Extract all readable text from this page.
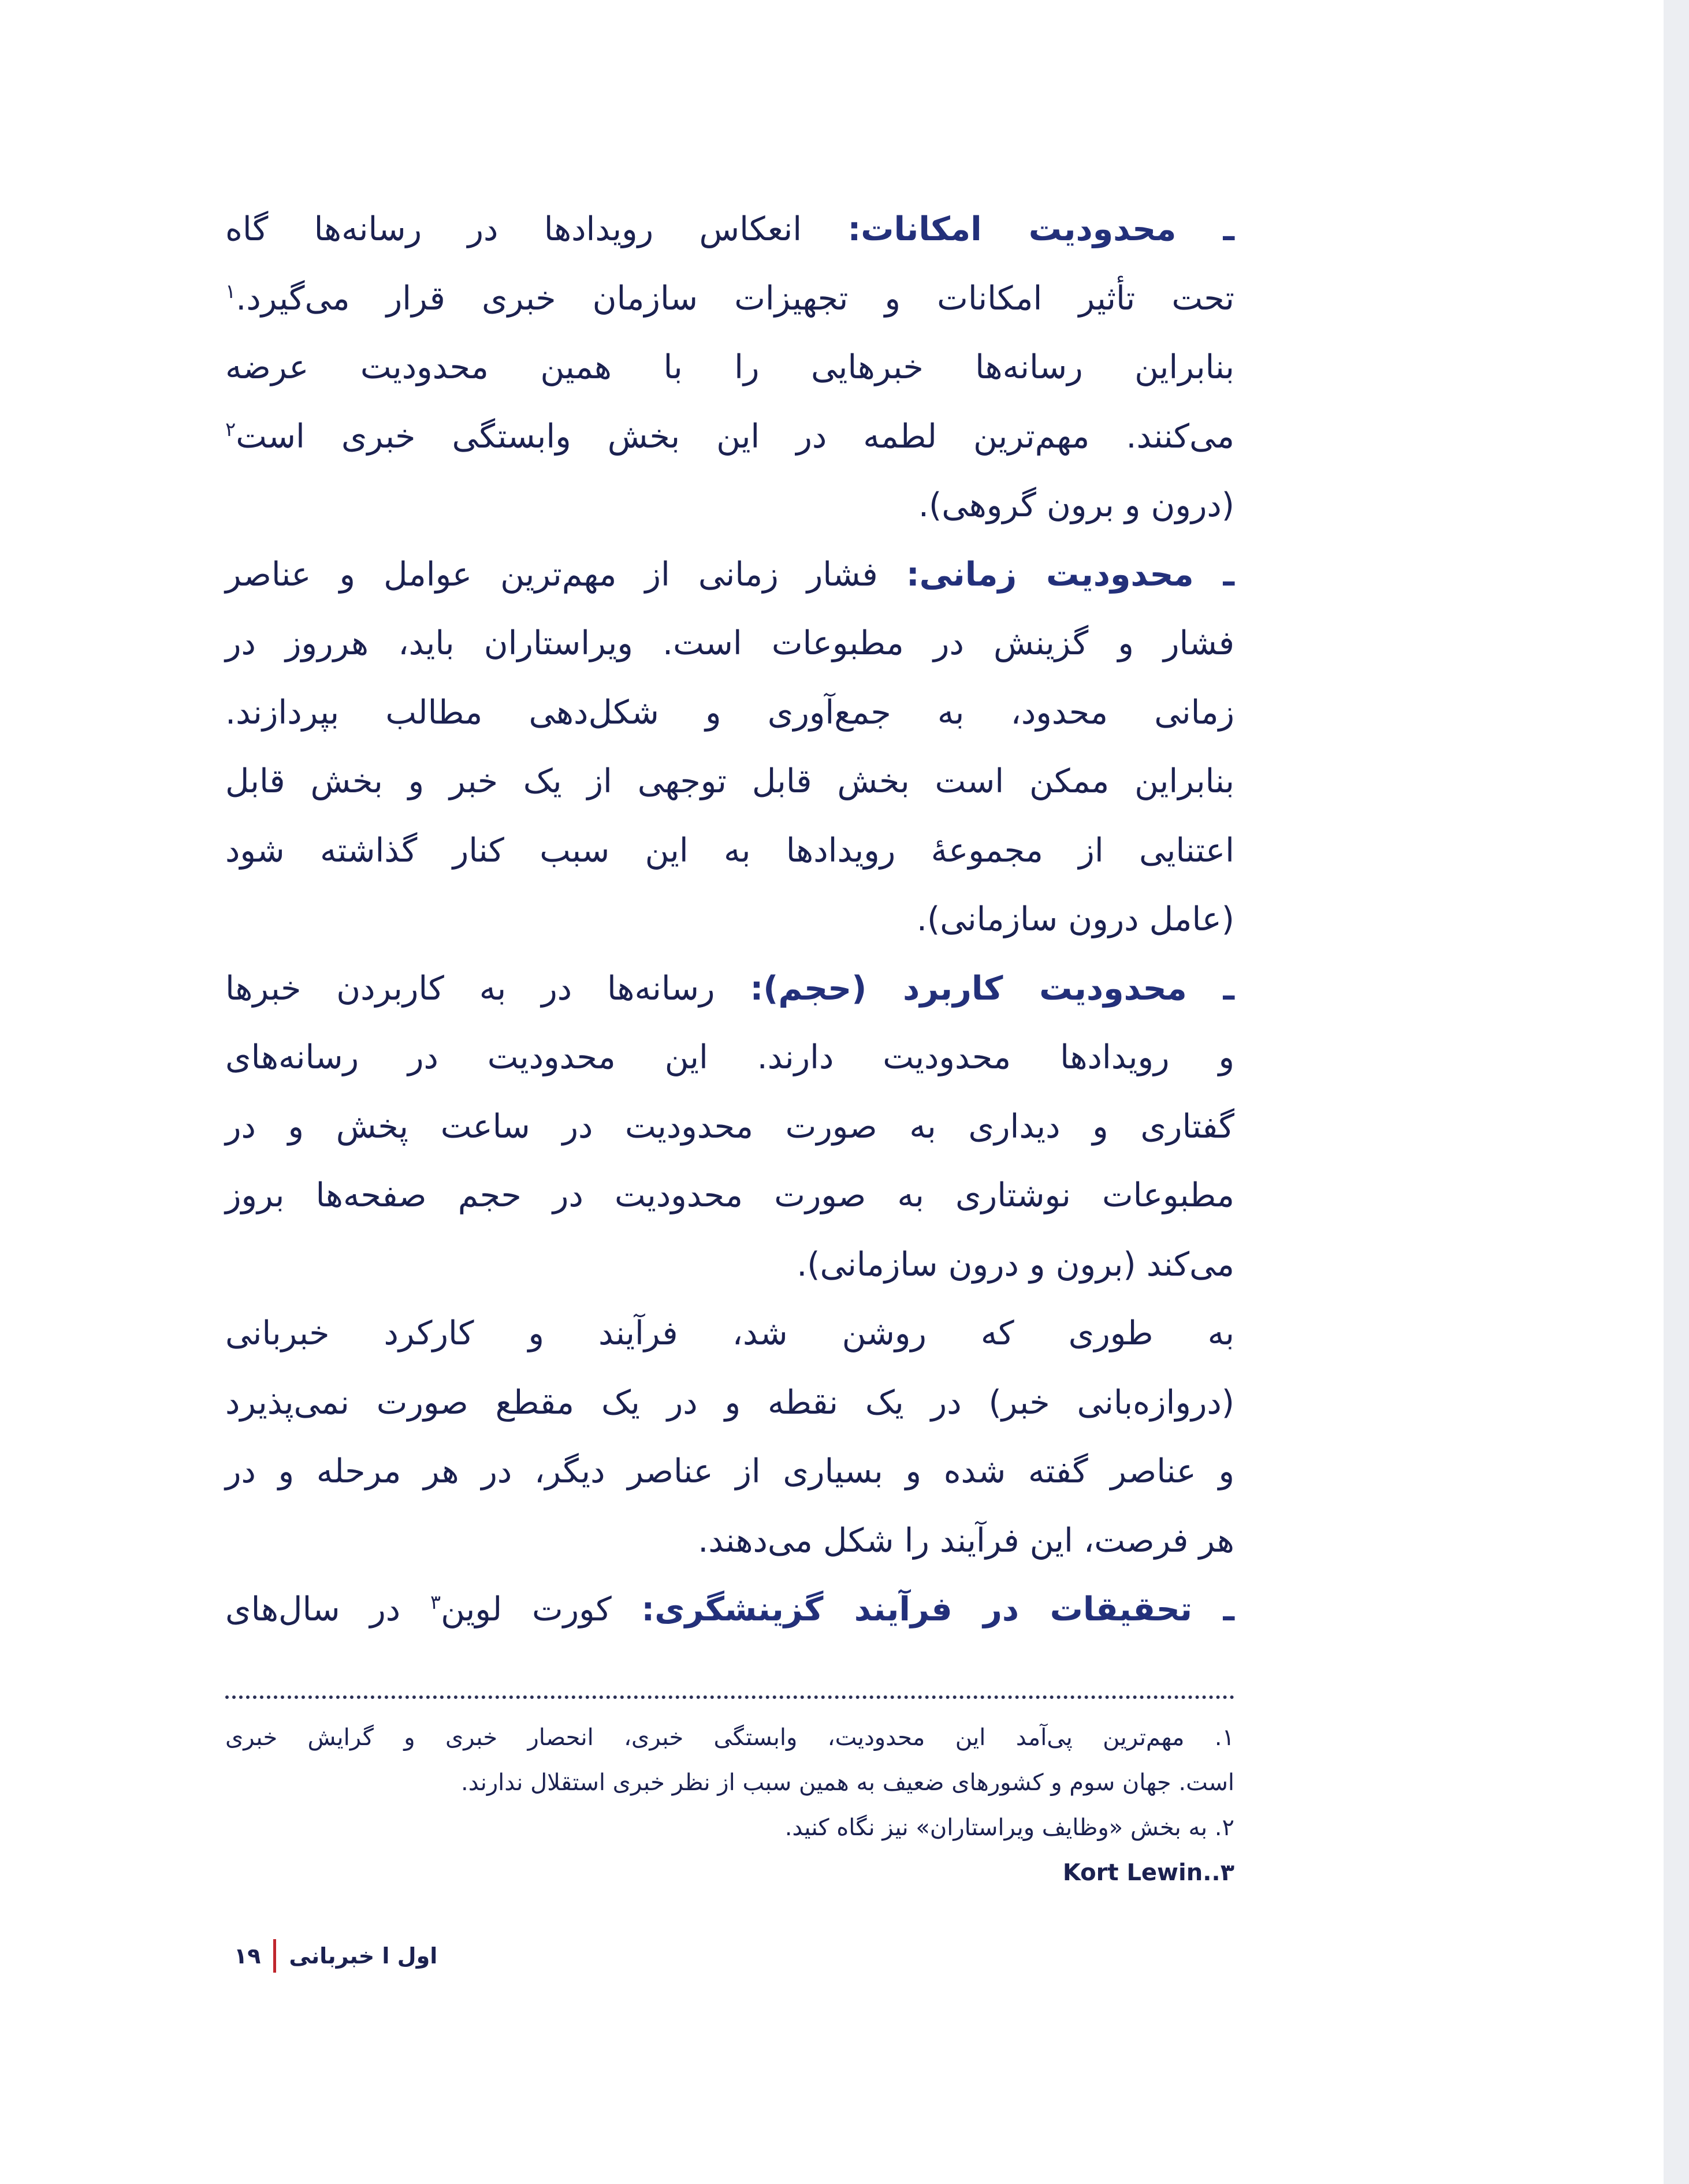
ـ محدودیت امکانات: انعکاس رویدادها در رسانه‌ها گاه
تحت تأثیر امکانات و تجهیزات سازمان خبری قرار می‌گیرد.$^۱$
بنابراین رسانه‌ها خبرهایی را با همین محدودیت عرضه
می‌کنند. مهم‌ترین لطمه در این بخش وابستگی خبری است$^۲$
(درون و برون گروهی).
ـ محدودیت زمانی: فشار زمانی از مهم‌ترین عوامل و عناصر
فشار و گزینش در مطبوعات است. ویراستاران باید، هرروز در
زمانی محدود، به جمع‌آوری و شکل‌دهی مطالب بپردازند.
بنابراین ممکن است بخش قابل توجهی از یک خبر و بخش قابل
اعتنایی از مجموعهٔ رویدادها به این سبب کنار گذاشته شود
(عامل درون سازمانی).
ـ محدودیت کاربرد (حجم): رسانه‌ها در به کاربردن خبرها
و رویدادها محدودیت دارند. این محدودیت در رسانه‌های
گفتاری و دیداری به صورت محدودیت در ساعت پخش و در
مطبوعات نوشتاری به صورت محدودیت در حجم صفحه‌ها بروز
می‌کند (برون و درون سازمانی).
به طوری که روشن شد، فرآیند و کارکرد خبربانی
(دروازه‌بانی خبر) در یک نقطه و در یک مقطع صورت نمی‌پذیرد
و عناصر گفته شده و بسیاری از عناصر دیگر، در هر مرحله و در
هر فرصت، این فرآیند را شکل می‌دهند.
ـ تحقیقات در فرآیند گزینشگری: کورت لوین$^۳$ در سال‌های
۱. مهم‌ترین پی‌آمد این محدودیت، وابستگی خبری، انحصار خبری و گرایش خبری
است. جهان سوم و کشورهای ضعیف به همین سبب از نظر خبری استقلال ندارند.
۲. به بخش «وظایف ویراستاران» نیز نگاه کنید.
Kort Lewin..۳
۱۹ اول ا خبربانی
